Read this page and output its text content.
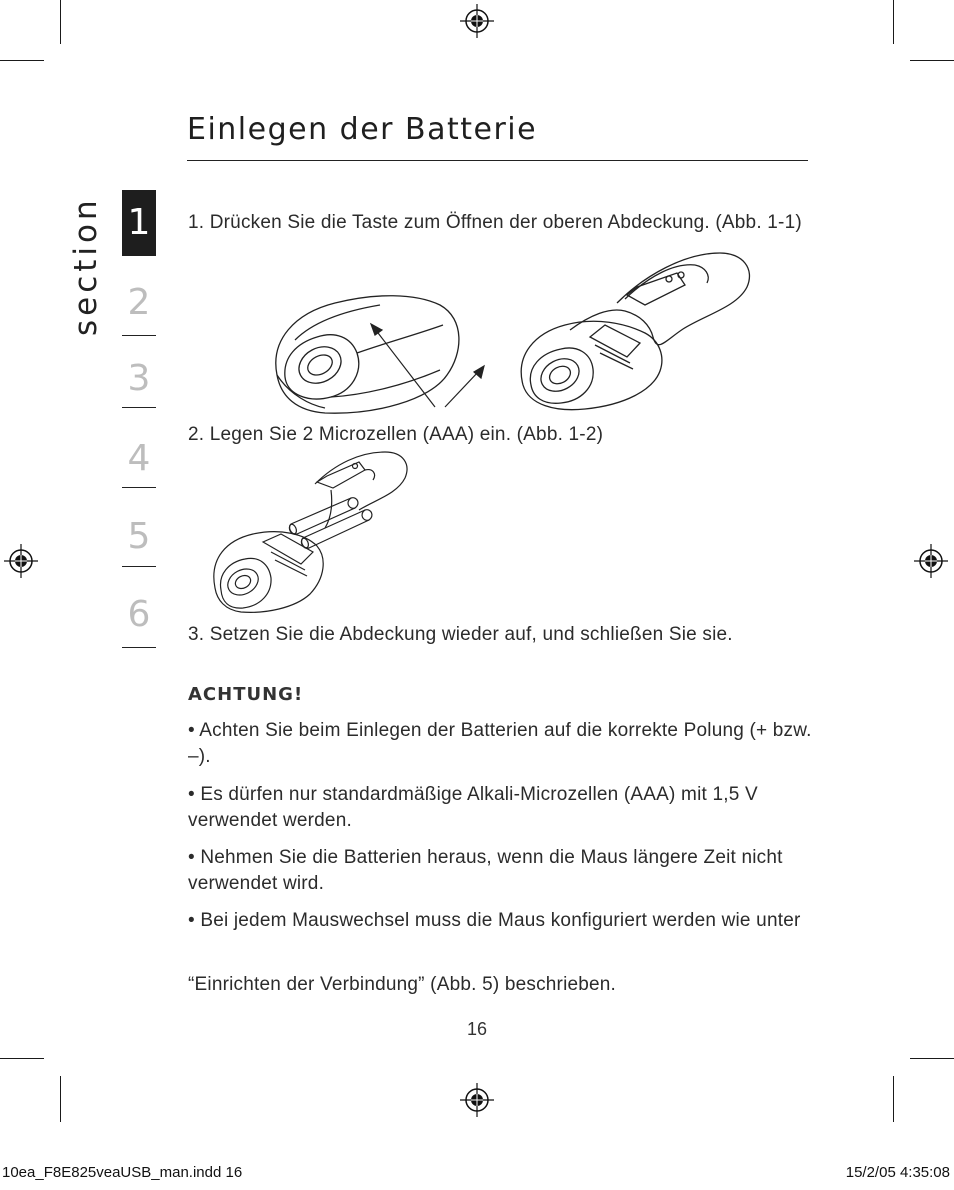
Einlegen der Batterie
section 1
2
3
4
5
6

1. Drücken Sie die Taste zum Öffnen der oberen Abdeckung. (Abb. 1-1)

2. Legen Sie 2 Microzellen (AAA) ein. (Abb. 1-2)

3. Setzen Sie die Abdeckung wieder auf, und schließen Sie sie.

ACHTUNG!

• Achten Sie beim Einlegen der Batterien auf die korrekte Polung (+ bzw. –).

• Es dürfen nur standardmäßige Alkali-Microzellen (AAA) mit 1,5 V verwendet werden.

• Nehmen Sie die Batterien heraus, wenn die Maus längere Zeit nicht verwendet wird.

• Bei jedem Mauswechsel muss die Maus konfiguriert werden wie unter

“Einrichten der Verbindung” (Abb. 5) beschrieben.

16
10ea_F8E825veaUSB_man.indd 16	15/2/05 4:35:08
